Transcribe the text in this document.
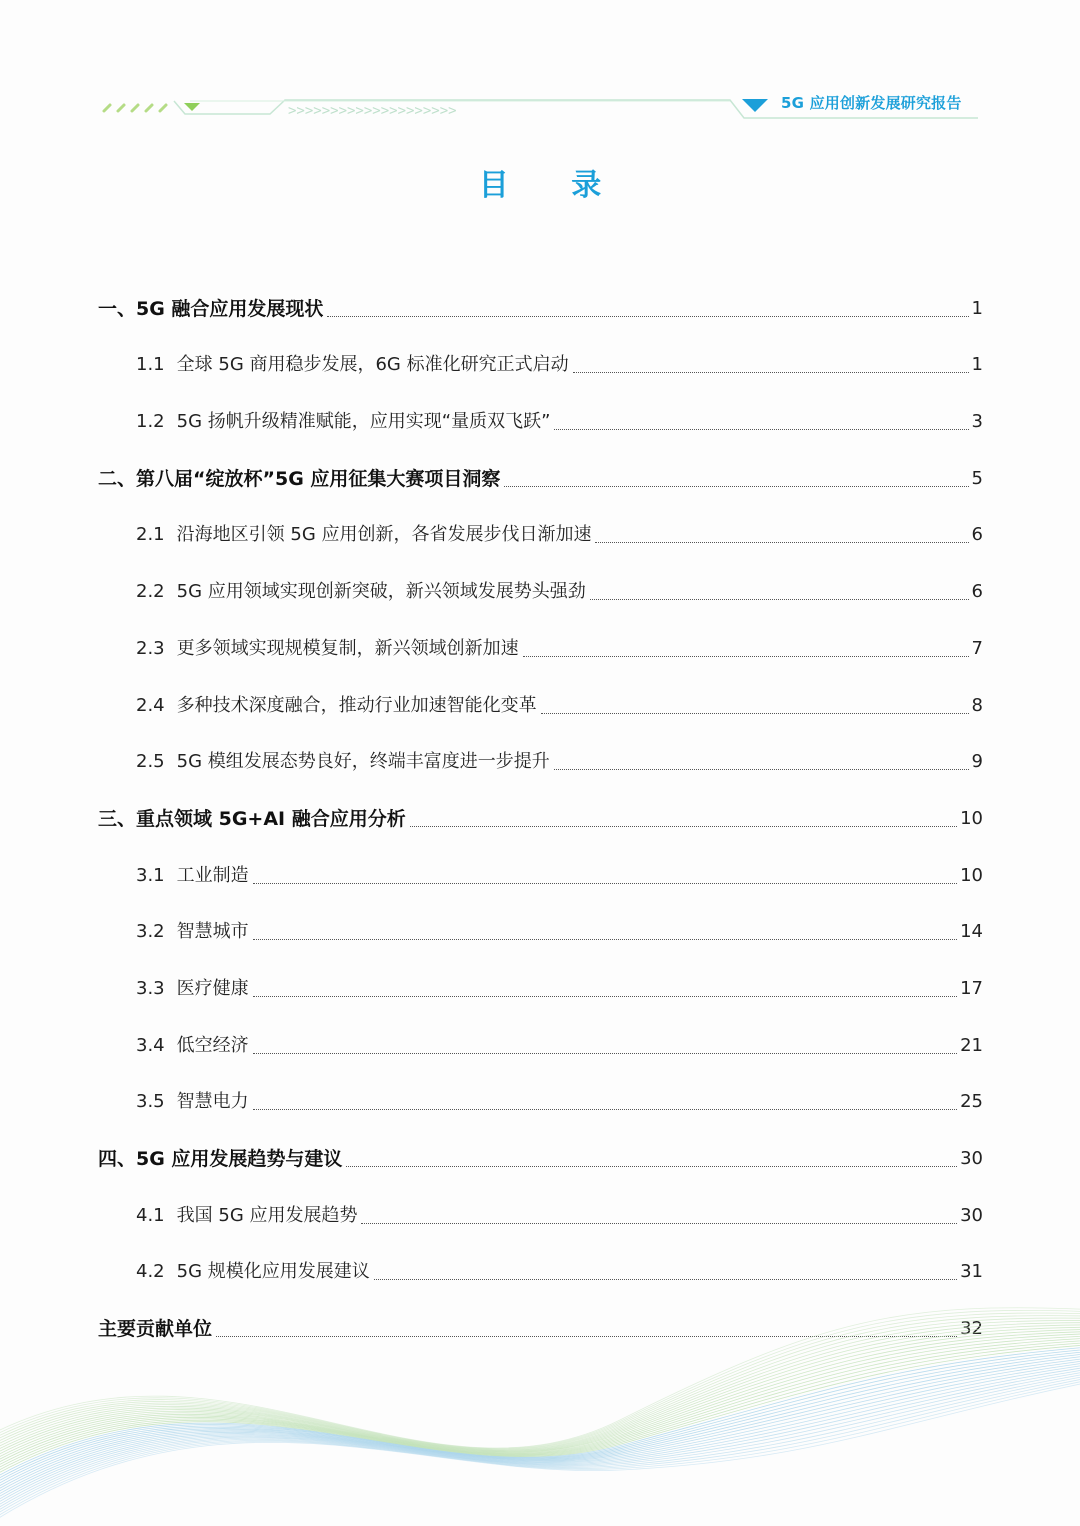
>>>>>>>>>>>>>>>>>>>>	5G 应用创新发展研究报告
目 录
一、5G 融合应用发展现状	1
1.1 全球 5G 商用稳步发展，6G 标准化研究正式启动	1
1.2 5G 扬帆升级精准赋能，应用实现“量质双飞跃”	3
二、第八届“绽放杯”5G 应用征集大赛项目洞察	5
2.1 沿海地区引领 5G 应用创新，各省发展步伐日渐加速	6
2.2 5G 应用领域实现创新突破，新兴领域发展势头强劲	6
2.3 更多领域实现规模复制，新兴领域创新加速	7
2.4 多种技术深度融合，推动行业加速智能化变革	8
2.5 5G 模组发展态势良好，终端丰富度进一步提升	9
三、重点领域 5G+AI 融合应用分析	10
3.1 工业制造	10
3.2 智慧城市	14
3.3 医疗健康	17
3.4 低空经济	21
3.5 智慧电力	25
四、5G 应用发展趋势与建议	30
4.1 我国 5G 应用发展趋势	30
4.2 5G 规模化应用发展建议	31
主要贡献单位	32
